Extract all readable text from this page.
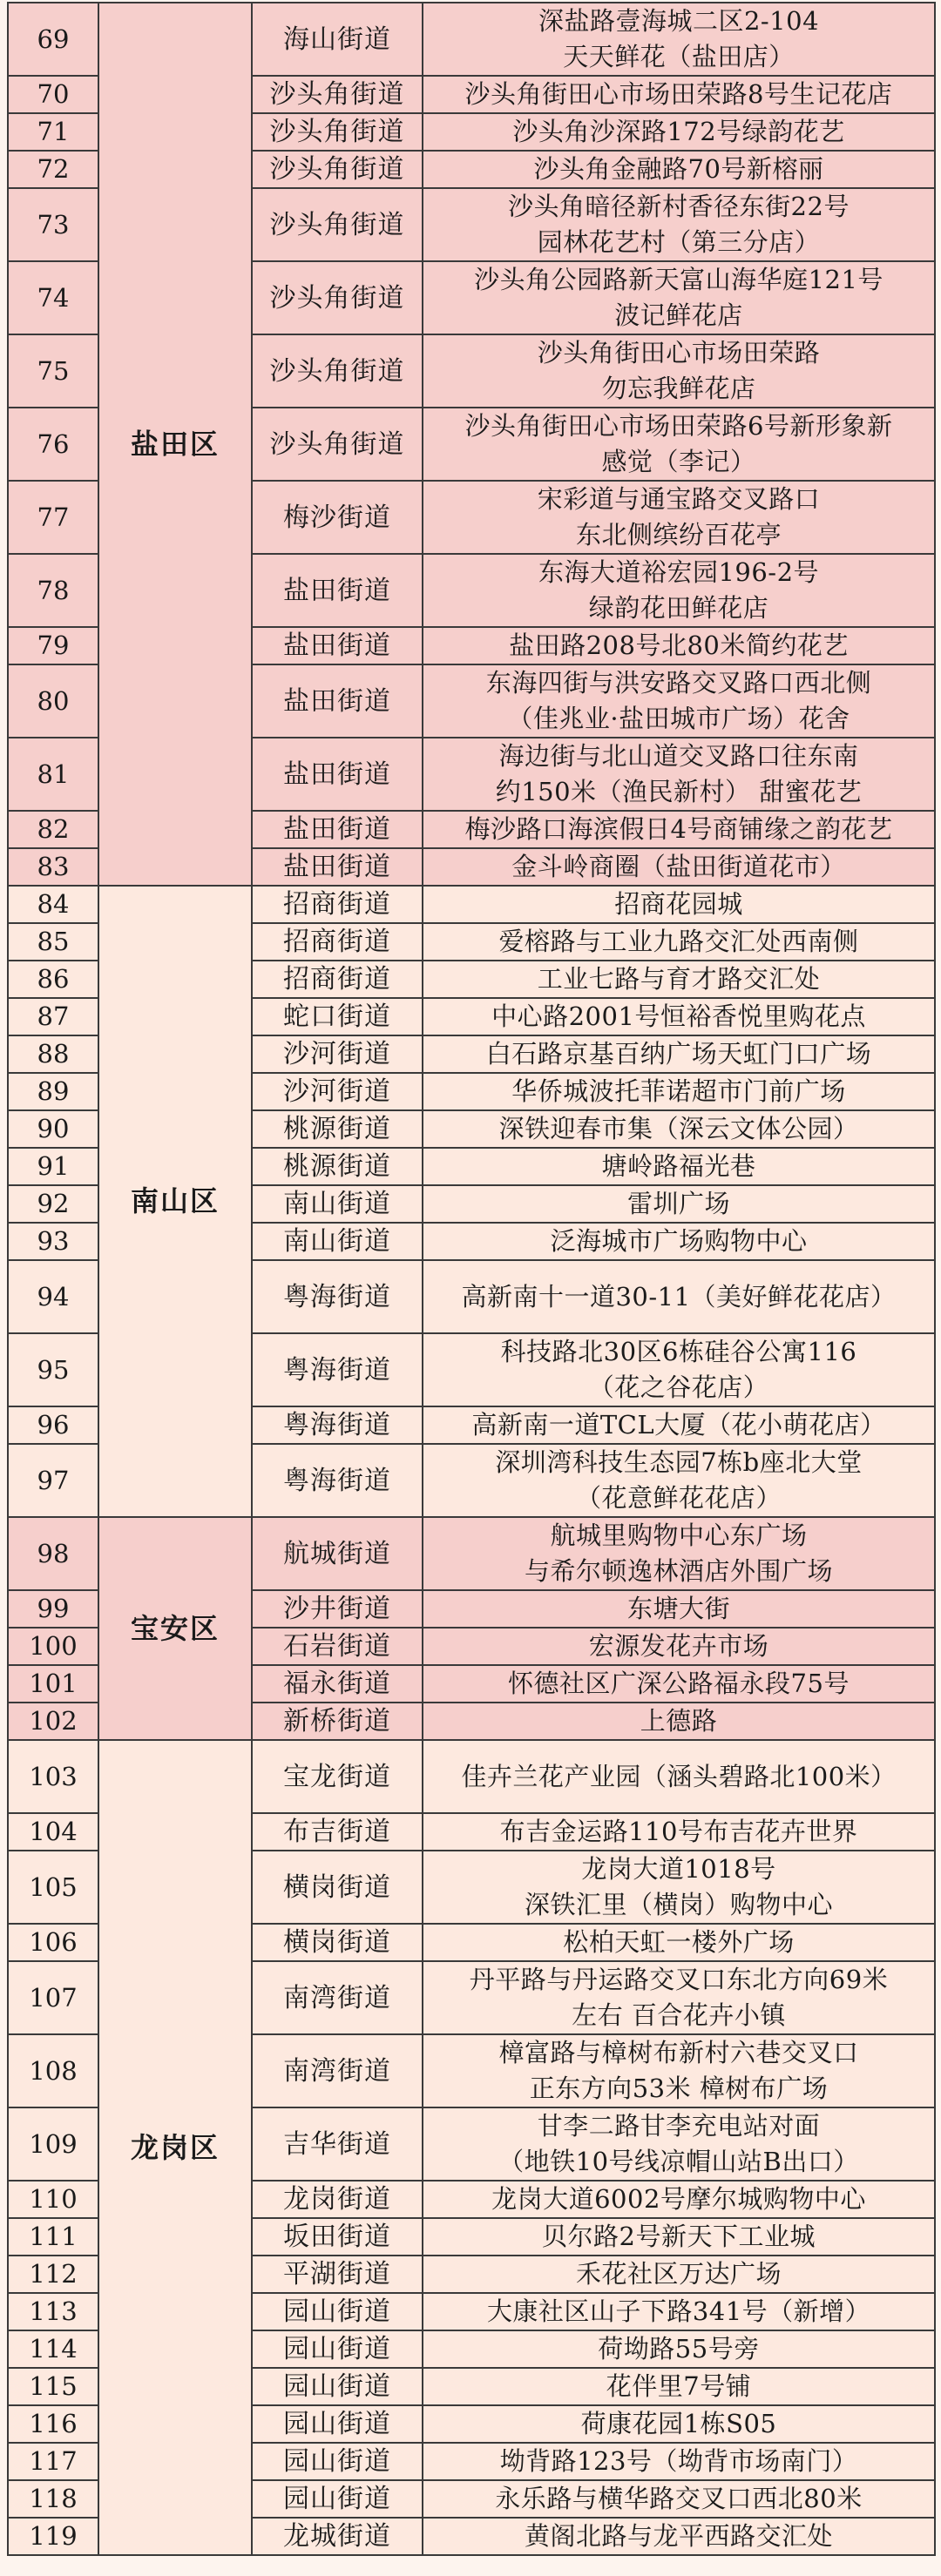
69	盐田区	海山街道	深盐路壹海城二区2-104
天天鲜花（盐田店）
70		沙头角街道	沙头角街田心市场田荣路8号生记花店
71		沙头角街道	沙头角沙深路172号绿韵花艺
72		沙头角街道	沙头角金融路70号新榕丽
73		沙头角街道	沙头角暗径新村香径东街22号
园林花艺村（第三分店）
74		沙头角街道	沙头角公园路新天富山海华庭121号
波记鲜花店
75		沙头角街道	沙头角街田心市场田荣路
勿忘我鲜花店
76		沙头角街道	沙头角街田心市场田荣路6号新形象新
感觉（李记）
77		梅沙街道	宋彩道与通宝路交叉路口
东北侧缤纷百花亭
78		盐田街道	东海大道裕宏园196-2号
绿韵花田鲜花店
79		盐田街道	盐田路208号北80米简约花艺
80		盐田街道	东海四街与洪安路交叉路口西北侧
（佳兆业·盐田城市广场）花舍
81		盐田街道	海边街与北山道交叉路口往东南
约150米（渔民新村） 甜蜜花艺
82		盐田街道	梅沙路口海滨假日4号商铺缘之韵花艺
83		盐田街道	金斗岭商圈（盐田街道花市）
84	南山区	招商街道	招商花园城
85		招商街道	爱榕路与工业九路交汇处西南侧
86		招商街道	工业七路与育才路交汇处
87		蛇口街道	中心路2001号恒裕香悦里购花点
88		沙河街道	白石路京基百纳广场天虹门口广场
89		沙河街道	华侨城波托菲诺超市门前广场
90		桃源街道	深铁迎春市集（深云文体公园）
91		桃源街道	塘岭路福光巷
92		南山街道	雷圳广场
93		南山街道	泛海城市广场购物中心
94		粤海街道	高新南十一道30-11（美好鲜花花店）
95		粤海街道	科技路北30区6栋硅谷公寓116
（花之谷花店）
96		粤海街道	高新南一道TCL大厦（花小萌花店）
97		粤海街道	深圳湾科技生态园7栋b座北大堂
（花意鲜花花店）
98	宝安区	航城街道	航城里购物中心东广场
与希尔顿逸林酒店外围广场
99		沙井街道	东塘大街
100		石岩街道	宏源发花卉市场
101		福永街道	怀德社区广深公路福永段75号
102		新桥街道	上德路
103	龙岗区	宝龙街道	佳卉兰花产业园（涵头碧路北100米）
104		布吉街道	布吉金运路110号布吉花卉世界
105		横岗街道	龙岗大道1018号
深铁汇里（横岗）购物中心
106		横岗街道	松柏天虹一楼外广场
107		南湾街道	丹平路与丹运路交叉口东北方向69米
左右 百合花卉小镇
108		南湾街道	樟富路与樟树布新村六巷交叉口
正东方向53米 樟树布广场
109		吉华街道	甘李二路甘李充电站对面
（地铁10号线凉帽山站B出口）
110		龙岗街道	龙岗大道6002号摩尔城购物中心
111		坂田街道	贝尔路2号新天下工业城
112		平湖街道	禾花社区万达广场
113		园山街道	大康社区山子下路341号（新增）
114		园山街道	荷坳路55号旁
115		园山街道	花伴里7号铺
116		园山街道	荷康花园1栋S05
117		园山街道	坳背路123号（坳背市场南门）
118		园山街道	永乐路与横华路交叉口西北80米
119		龙城街道	黄阁北路与龙平西路交汇处
